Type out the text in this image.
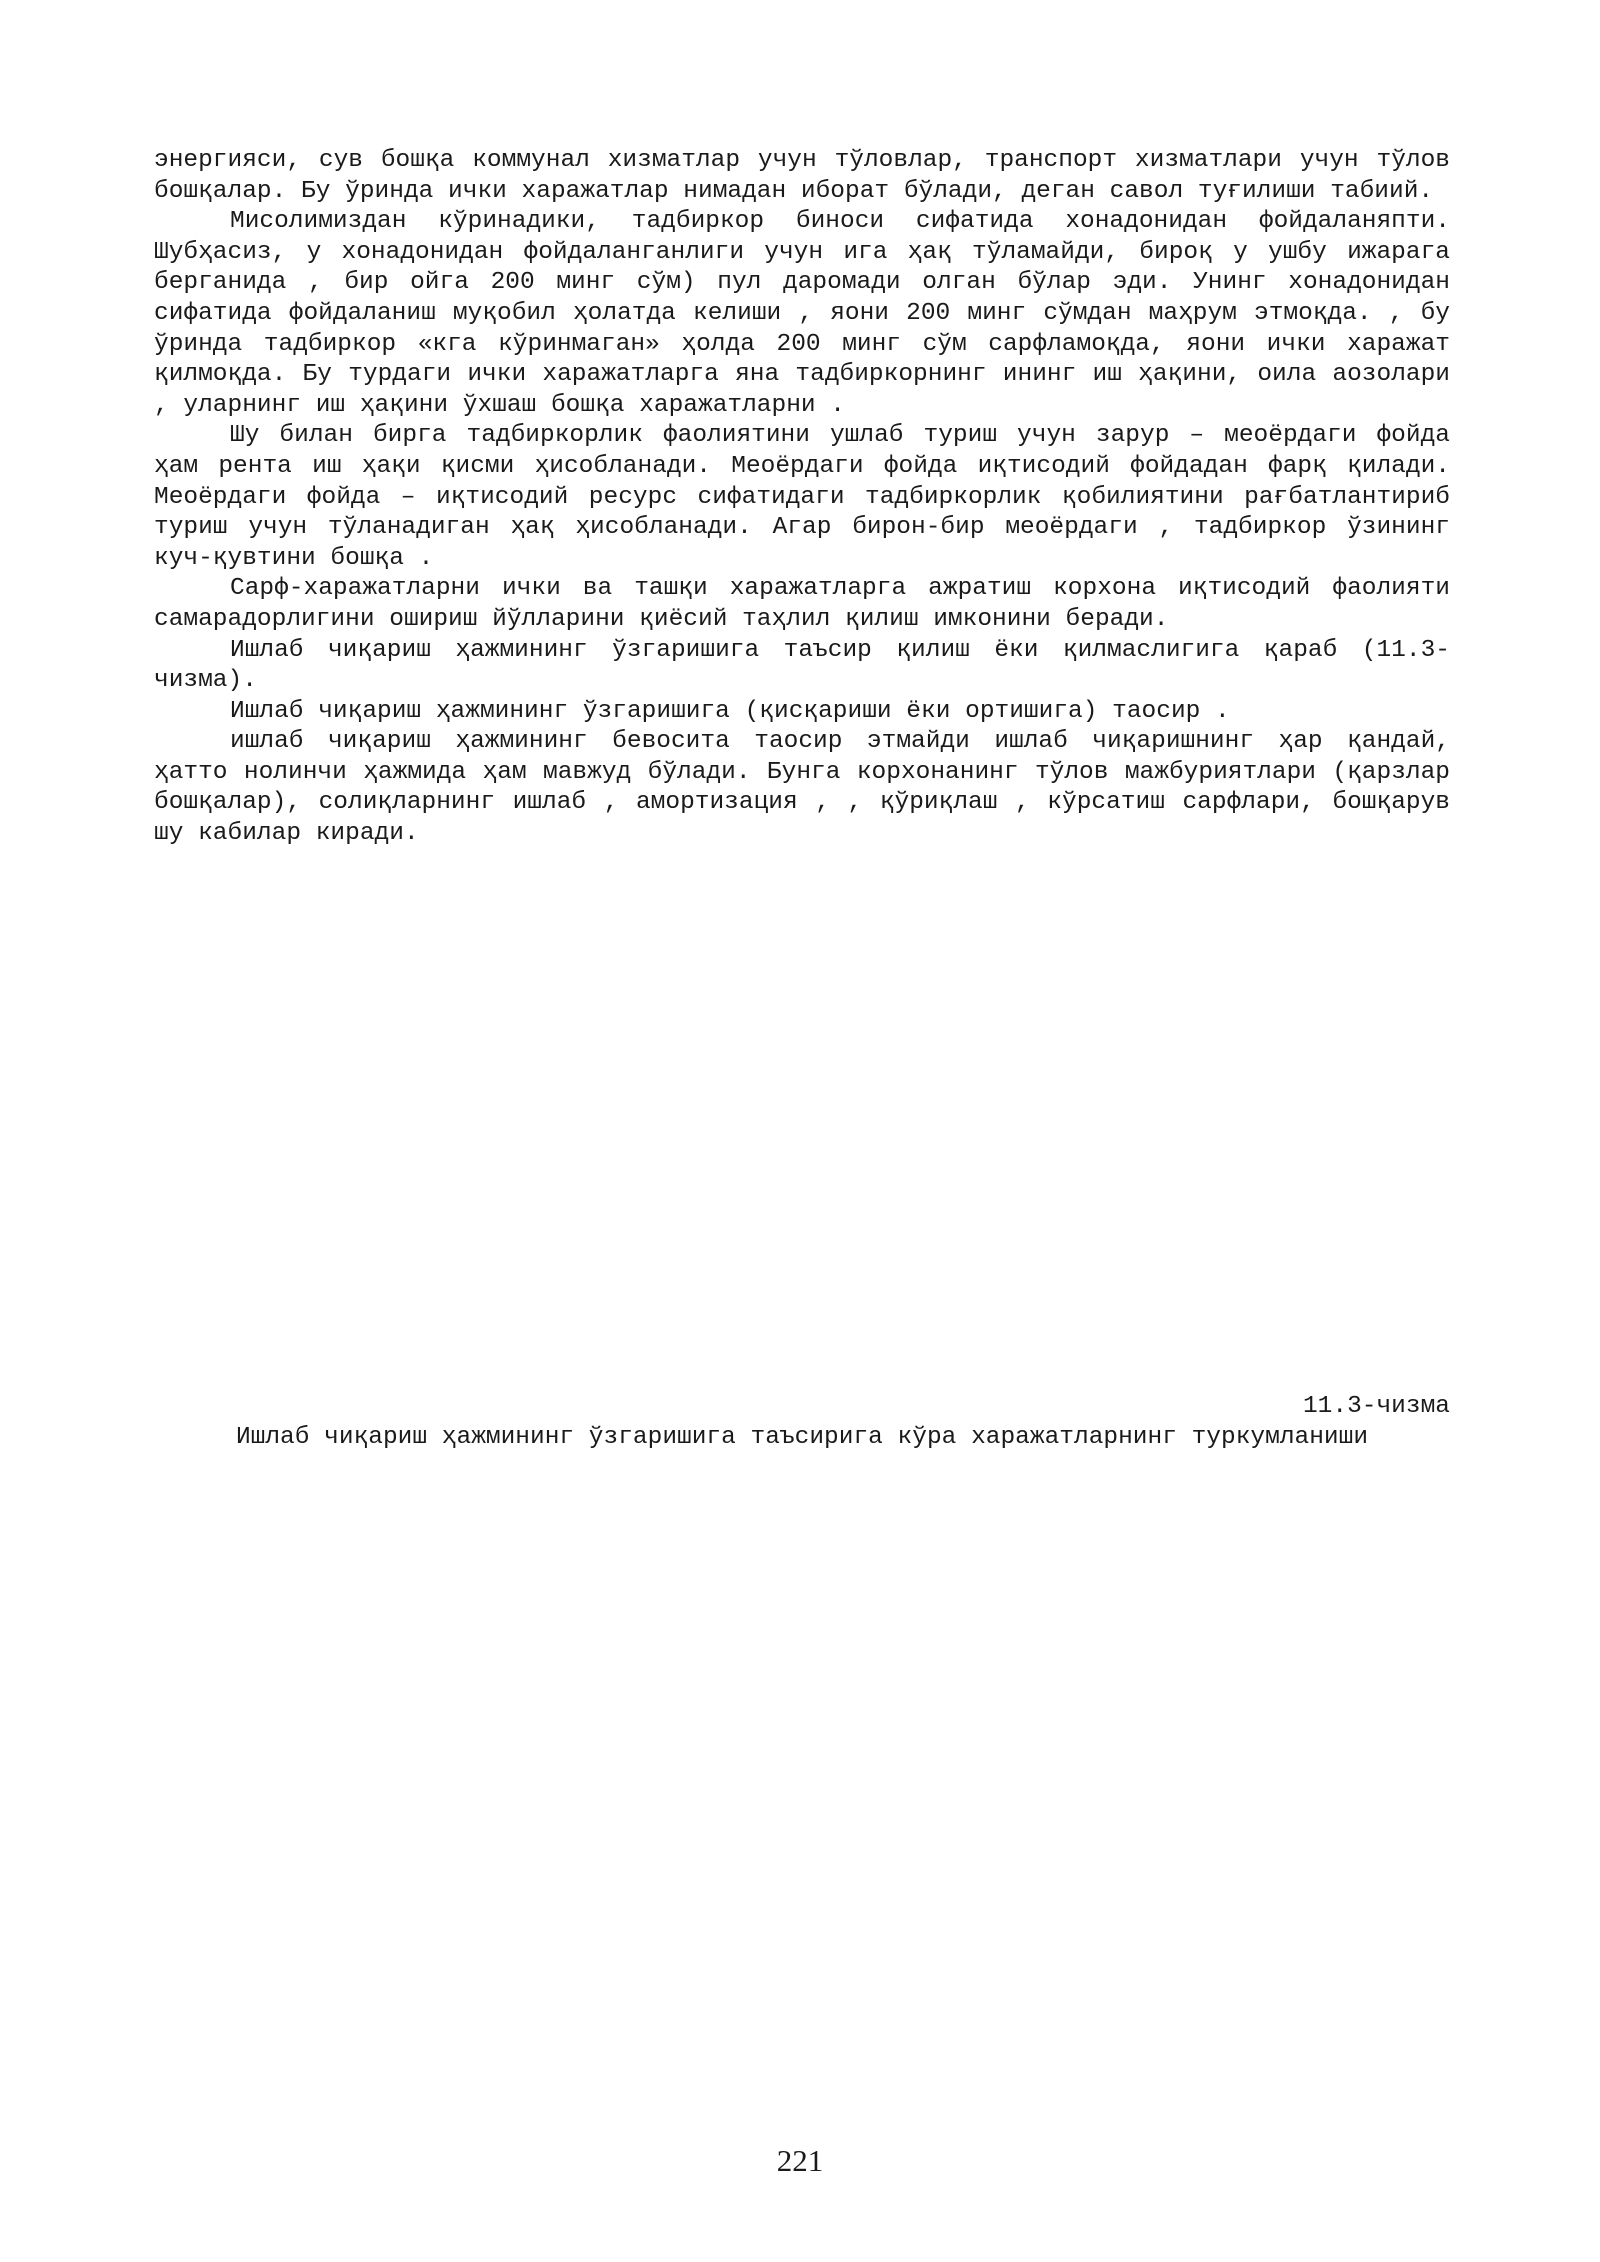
энергияси, сув бошқа коммунал хизматлар учун тўловлар, транспорт хизматлари учун тўлов бошқалар. Бу ўринда ички харажатлар нимадан иборат бўлади, деган савол туғилиши табиий.

Мисолимиздан кўринадики, тадбиркор биноси сифатида хонадонидан фойдаланяпти. Шубҳасиз, у хонадонидан фойдаланганлиги учун ига ҳақ тўламайди, бироқ у ушбу ижарага берганида , бир ойга 200 минг сўм) пул даромади олган бўлар эди. Унинг хонадонидан сифатида фойдаланиш муқобил ҳолатда келиши , яони 200 минг сўмдан маҳрум этмоқда. , бу ўринда тадбиркор «кга кўринмаган» ҳолда 200 минг сўм сарфламоқда, яони ички харажат қилмоқда. Бу турдаги ички харажатларга яна тадбиркорнинг ининг иш ҳақини, оила аозолари , уларнинг иш ҳақини ўхшаш бошқа харажатларни .

Шу билан бирга тадбиркорлик фаолиятини ушлаб туриш учун зарур – меоёрдаги фойда ҳам рента иш ҳақи қисми ҳисобланади. Меоёрдаги фойда иқтисодий фойдадан фарқ қилади. Меоёрдаги фойда – иқтисодий ресурс сифатидаги тадбиркорлик қобилиятини рағбатлантириб туриш учун тўланадиган ҳақ ҳисобланади. Агар бирон-бир меоёрдаги , тадбиркор ўзининг куч-қувтини бошқа .

Сарф-харажатларни ички ва ташқи харажатларга ажратиш корхона иқтисодий фаолияти самарадорлигини ошириш йўлларини қиёсий таҳлил қилиш имконини беради.

Ишлаб чиқариш ҳажмининг ўзгаришига таъсир қилиш ёки қилмаслигига қараб (11.3-чизма).

Ишлаб чиқариш ҳажмининг ўзгаришига (қисқариши ёки ортишига) таосир .

ишлаб чиқариш ҳажмининг бевосита таосир этмайди ишлаб чиқаришнинг ҳар қандай, ҳатто нолинчи ҳажмида ҳам мавжуд бўлади. Бунга корхонанинг тўлов мажбуриятлари (қарзлар бошқалар), солиқларнинг ишлаб , амортизация , , қўриқлаш , кўрсатиш сарфлари, бошқарув шу кабилар киради.

11.3-чизма
Ишлаб чиқариш ҳажмининг ўзгаришига таъсирига кўра харажатларнинг туркумланиши
221
